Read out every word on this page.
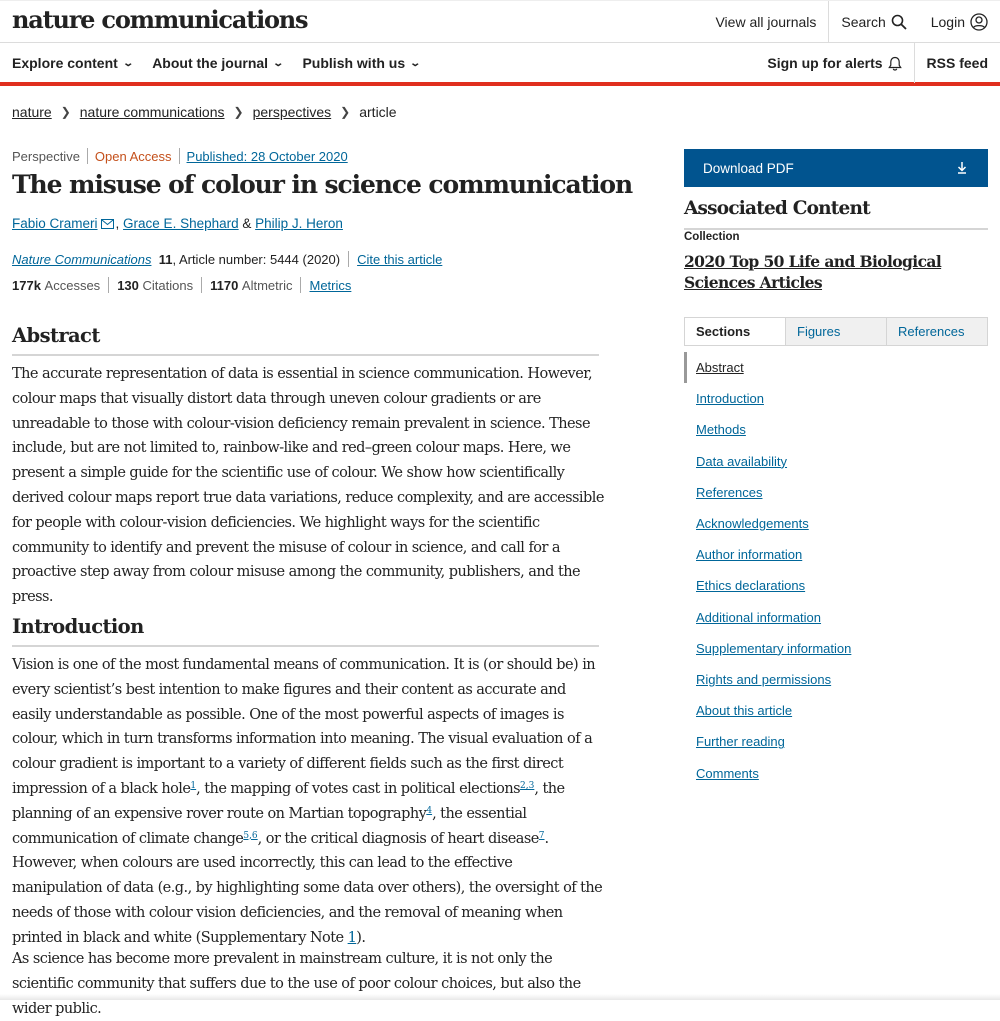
nature communications	View all journals Search	Login
Explore content ⌄ About the journal ⌄ Publish with us ⌄	Sign up for alerts	RSS feed
nature ❯ nature communications ❯ perspectives ❯ article
Perspective Open Access Published: 28 October 2020
The misuse of colour in science communication
Fabio Crameri

, Grace E. Shephard & Philip J. Heron
Nature Communications
11 , Article number: 5444 (2020) Cite this article
177k
Accesses 130
Citations 1170
Altmetric Metrics
Abstract

The accurate representation of data is essential in science communication. However, colour maps that visually distort data through uneven colour gradients or are unreadable to those with colour-vision deficiency remain prevalent in science. These include, but are not limited to, rainbow-like and red–green colour maps. Here, we present a simple guide for the scientific use of colour. We show how scientifically derived colour maps report true data variations, reduce complexity, and are accessible for people with colour-vision deficiencies. We highlight ways for the scientific community to identify and prevent the misuse of colour in science, and call for a proactive step away from colour misuse among the community, publishers, and the press.

Introduction

Vision is one of the most fundamental means of communication. It is (or should be) in every scientist’s best intention to make figures and their content as accurate and easily understandable as possible. One of the most powerful aspects of images is colour, which in turn transforms information into meaning. The visual evaluation of a colour gradient is important to a variety of different fields such as the first direct impression of a black hole$^1$, the mapping of votes cast in political elections$^{2,3}$, the planning of an expensive rover route on Martian topography$^4$, the essential communication of climate change$^{5,6}$, or the critical diagnosis of heart disease$^7$. However, when colours are used incorrectly, this can lead to the effective manipulation of data (e.g., by highlighting some data over others), the oversight of the needs of those with colour vision deficiencies, and the removal of meaning when printed in black and white (Supplementary Note 1).

As science has become more prevalent in mainstream culture, it is not only the scientific community that suffers due to the use of poor colour choices, but also the wider public.

Download PDF
Associated Content
Collection
2020 Top 50 Life and Biological Sciences Articles
Sections	Figures	References
Abstract
Introduction
Methods
Data availability
References
Acknowledgements
Author information
Ethics declarations
Additional information
Supplementary information
Rights and permissions
About this article
Further reading
Comments
